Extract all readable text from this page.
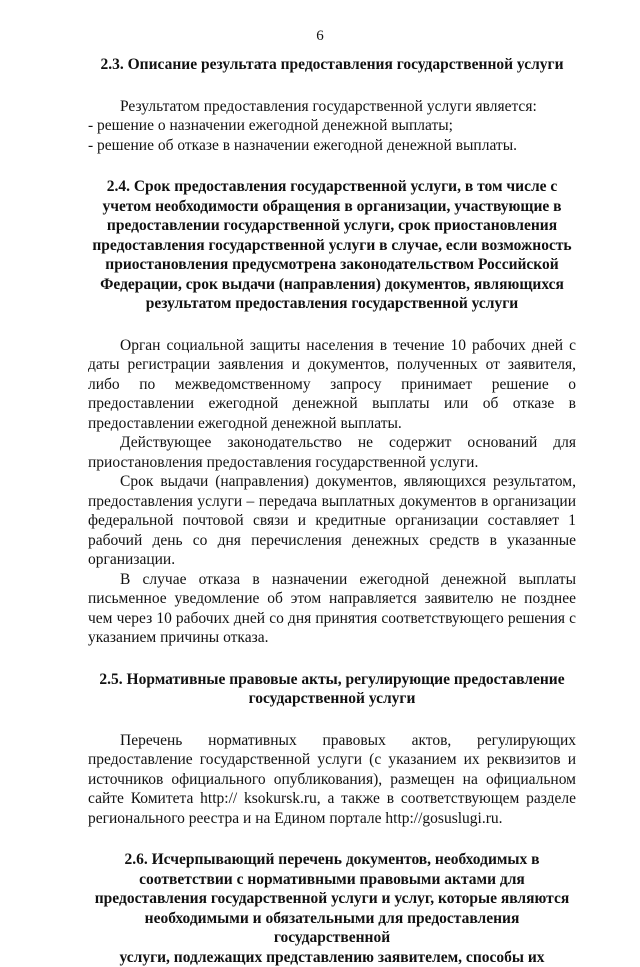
6

2.3. Описание результата предоставления государственной услуги

Результатом предоставления государственной услуги является:

- решение о назначении ежегодной денежной выплаты;

- решение об отказе в назначении ежегодной денежной выплаты.

2.4. Срок предоставления государственной услуги, в том числе с
учетом необходимости обращения в организации, участвующие в
предоставлении государственной услуги, срок приостановления
предоставления государственной услуги в случае, если возможность
приостановления предусмотрена законодательством Российской
Федерации, срок выдачи (направления) документов, являющихся
результатом предоставления государственной услуги

Орган социальной защиты населения в течение 10 рабочих дней с даты регистрации заявления и документов, полученных от заявителя, либо по межведомственному запросу принимает решение о предоставлении ежегодной денежной выплаты или об отказе в предоставлении ежегодной денежной выплаты.

Действующее законодательство не содержит оснований для приостановления предоставления государственной услуги.

Срок выдачи (направления) документов, являющихся результатом, предоставления услуги – передача выплатных документов в организации федеральной почтовой связи и кредитные организации составляет 1 рабочий день со дня перечисления денежных средств в указанные организации.

В случае отказа в назначении ежегодной денежной выплаты письменное уведомление об этом направляется заявителю не позднее чем через 10 рабочих дней со дня принятия соответствующего решения с указанием причины отказа.

2.5. Нормативные правовые акты, регулирующие предоставление
государственной услуги

Перечень нормативных правовых актов, регулирующих предоставление государственной услуги (с указанием их реквизитов и источников официального опубликования), размещен на официальном сайте Комитета http:// ksokursk.ru, а также в соответствующем разделе регионального реестра и на Едином портале http://gosuslugi.ru.

2.6. Исчерпывающий перечень документов, необходимых в
соответствии с нормативными правовыми актами для
предоставления государственной услуги и услуг, которые являются
необходимыми и обязательными для предоставления государственной
услуги, подлежащих представлению заявителем, способы их
